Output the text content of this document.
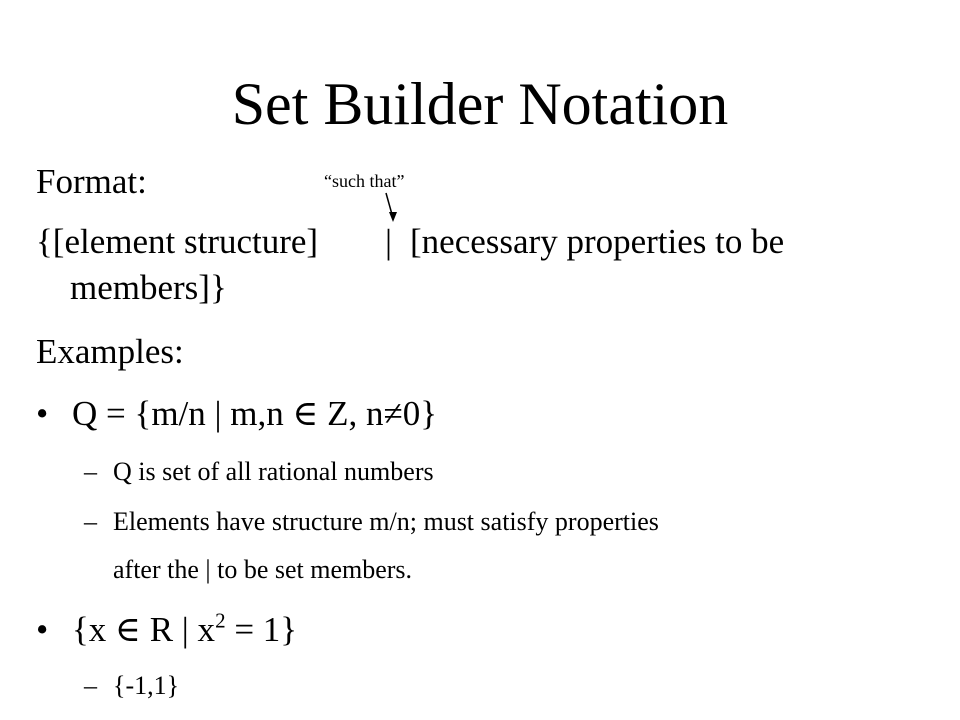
Set Builder Notation
Format:	“such that”
{[element structure] | [necessary properties to be
members]}
Examples:
• Q = {m/n | m,n ∈ Z, n≠0}
– Q is set of all rational numbers
– Elements have structure m/n; must satisfy properties
after the | to be set members.
• {x ∈ R | $x^2 = 1$}
– {-1,1}
